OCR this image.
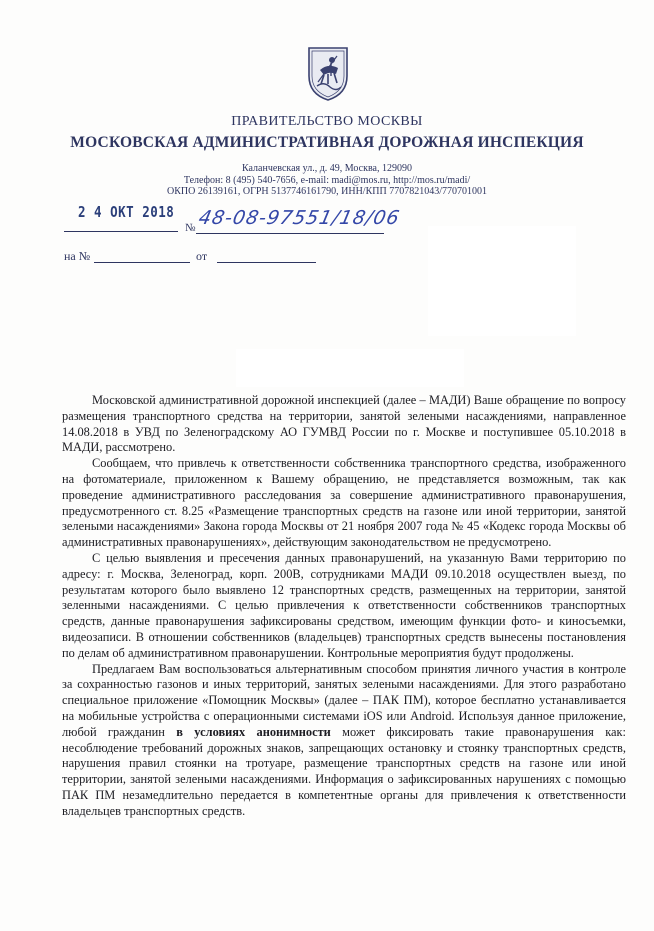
ПРАВИТЕЛЬСТВО МОСКВЫ
МОСКОВСКАЯ АДМИНИСТРАТИВНАЯ ДОРОЖНАЯ ИНСПЕКЦИЯ
Каланчевская ул., д. 49, Москва, 129090
Телефон: 8 (495) 540-7656, e-mail: madi@mos.ru, http://mos.ru/madi/
ОКПО 26139161, ОГРН 5137746161790, ИНН/КПП 7707821043/770701001
2 4 ОКТ 2018
№ 48-08-97551/18/06
на №	от

Московской административной дорожной инспекцией (далее – МАДИ) Ваше обращение по вопросу размещения транспортного средства на территории, занятой зелеными насаждениями, направленное 14.08.2018 в УВД по Зеленоградскому АО ГУМВД России по г. Москве и поступившее 05.10.2018 в МАДИ, рассмотрено.

Сообщаем, что привлечь к ответственности собственника транспортного средства, изображенного на фотоматериале, приложенном к Вашему обращению, не представляется возможным, так как проведение административного расследования за совершение административного правонарушения, предусмотренного ст. 8.25 «Размещение транспортных средств на газоне или иной территории, занятой зелеными насаждениями» Закона города Москвы от 21 ноября 2007 года № 45 «Кодекс города Москвы об административных правонарушениях», действующим законодательством не предусмотрено.

С целью выявления и пресечения данных правонарушений, на указанную Вами территорию по адресу: г. Москва, Зеленоград, корп. 200В, сотрудниками МАДИ 09.10.2018 осуществлен выезд, по результатам которого было выявлено 12 транспортных средств, размещенных на территории, занятой зеленными насаждениями. С целью привлечения к ответственности собственников транспортных средств, данные правонарушения зафиксированы средством, имеющим функции фото- и киносъемки, видеозаписи. В отношении собственников (владельцев) транспортных средств вынесены постановления по делам об административном правонарушении. Контрольные мероприятия будут продолжены.

Предлагаем Вам воспользоваться альтернативным способом принятия личного участия в контроле за сохранностью газонов и иных территорий, занятых зелеными насаждениями. Для этого разработано специальное приложение «Помощник Москвы» (далее – ПАК ПМ), которое бесплатно устанавливается на мобильные устройства с операционными системами iOS или Android. Используя данное приложение, любой гражданин в условиях анонимности может фиксировать такие правонарушения как: несоблюдение требований дорожных знаков, запрещающих остановку и стоянку транспортных средств, нарушения правил стоянки на тротуаре, размещение транспортных средств на газоне или иной территории, занятой зелеными насаждениями. Информация о зафиксированных нарушениях с помощью ПАК ПМ незамедлительно передается в компетентные органы для привлечения к ответственности владельцев транспортных средств.
